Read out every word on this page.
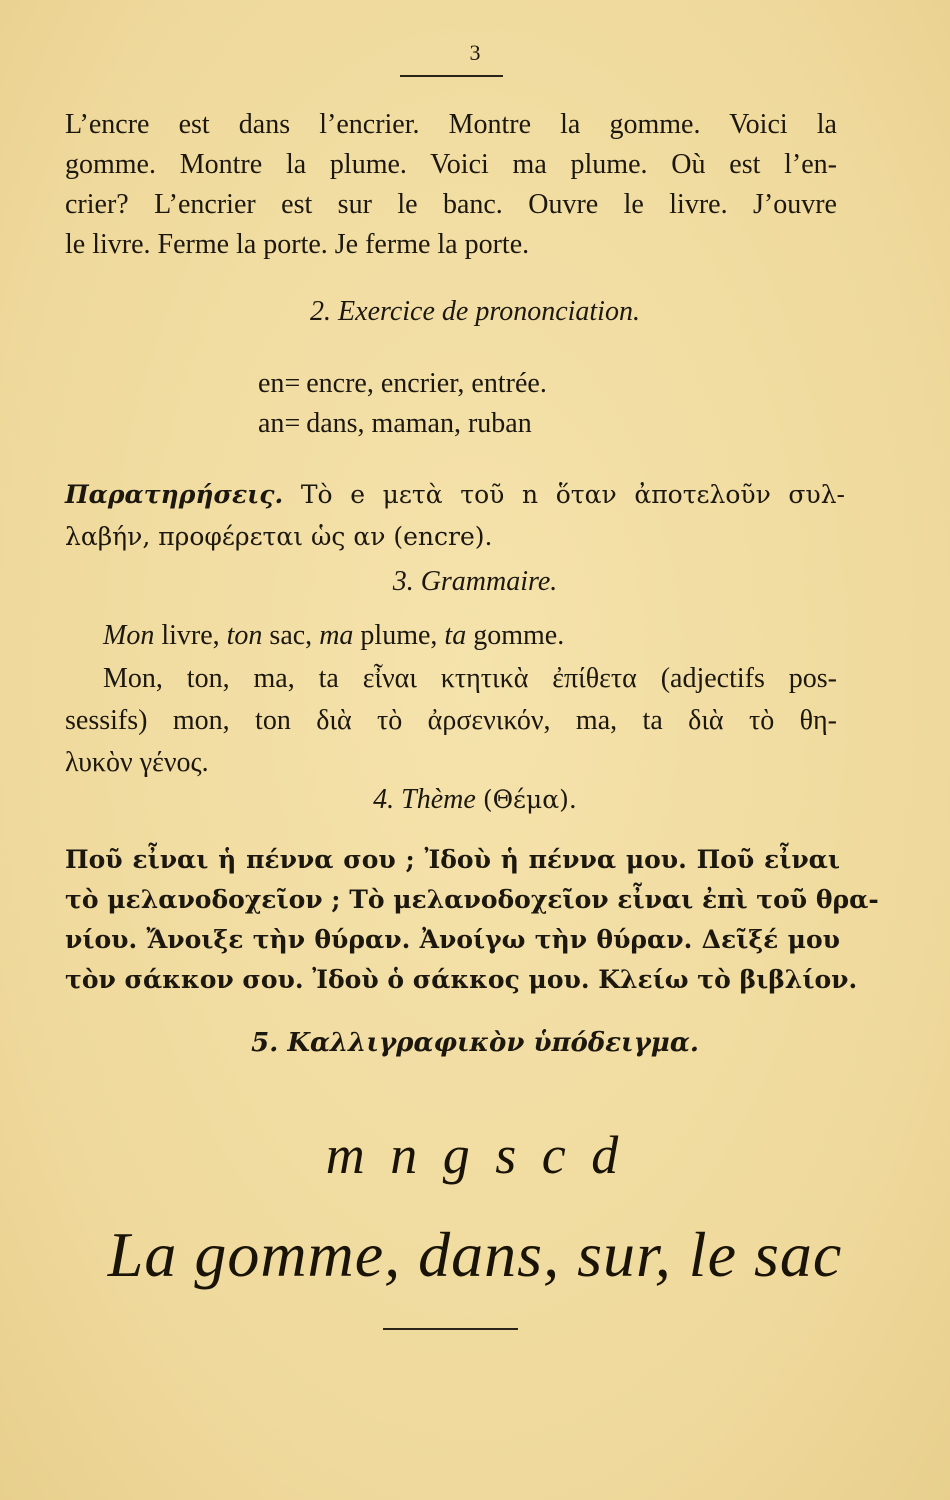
3
L’encre est dans l’encrier. Montre la gomme. Voici la
gomme. Montre la plume. Voici ma plume. Où est l’en-
crier? L’encrier est sur le banc. Ouvre le livre. J’ouvre
le livre. Ferme la porte. Je ferme la porte.
2. Exercice de prononciation.
en=encre, encrier, entrée.
an=dans, maman, ruban
Παρατηρήσεις. Τὸ e μετὰ τοῦ n ὅταν ἀποτελοῦν συλ-
λαβήν, προφέρεται ὡς αν (encre).
3. Grammaire.
Mon livre, ton sac, ma plume, ta gomme.
Mon, ton, ma, ta εἶναι κτητικὰ ἐπίθετα (adjectifs pos-
sessifs) mon, ton διὰ τὸ ἀρσενικόν, ma, ta διὰ τὸ θη-
λυκὸν γένος.
4. Thème (Θέμα).
Ποῦ εἶναι ἡ πέννα σου ; Ἰδοὺ ἡ πέννα μου. Ποῦ εἶναι
τὸ μελανοδοχεῖον ; Τὸ μελανοδοχεῖον εἶναι ἐπὶ τοῦ θρα-
νίου. Ἄνοιξε τὴν θύραν. Ἀνοίγω τὴν θύραν. Δεῖξέ μου
τὸν σάκκον σου. Ἰδοὺ ὁ σάκκος μου. Κλείω τὸ βιβλίον.
5. Καλλιγραφικὸν ὑπόδειγμα.
m n g s c d
La gomme, dans, sur, le sac
